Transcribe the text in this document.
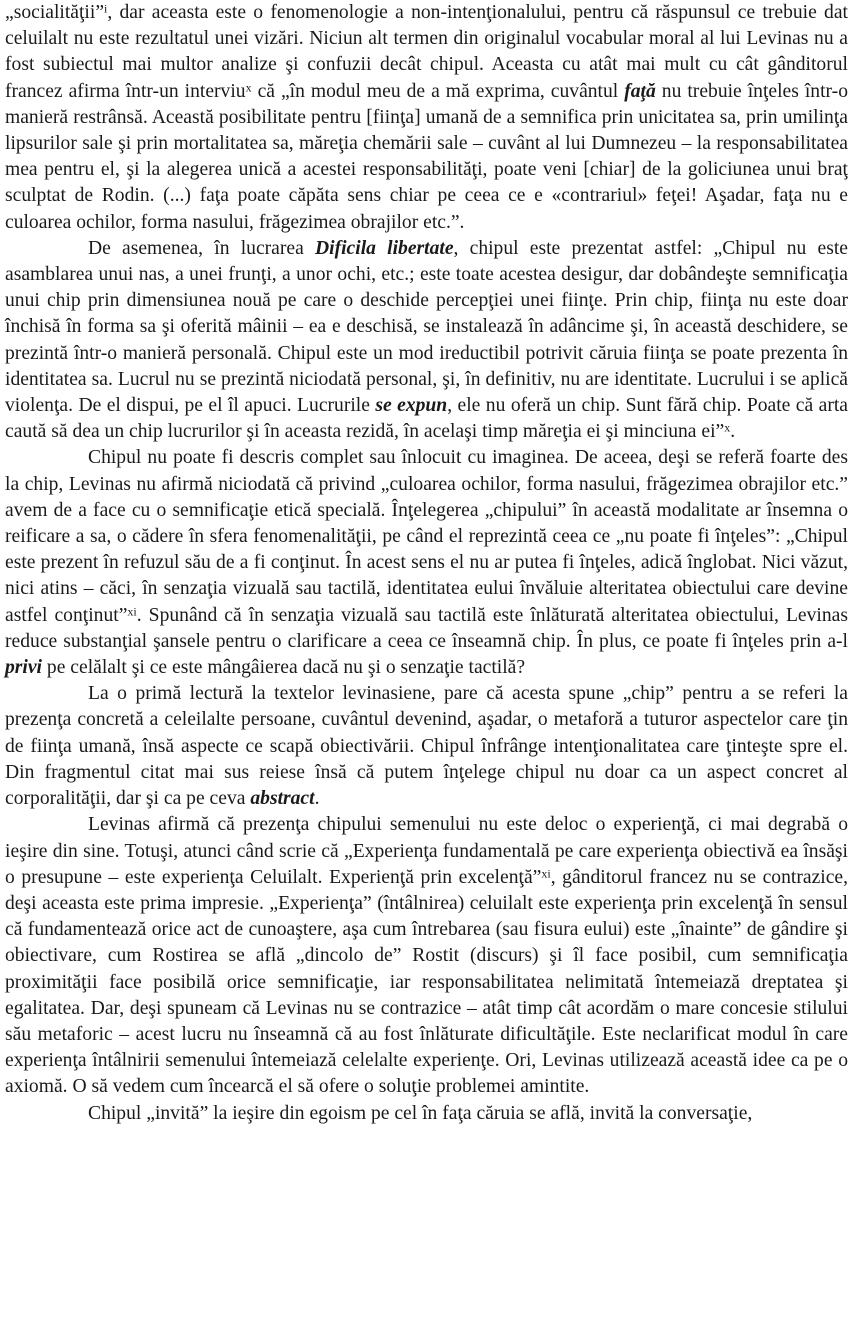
„socialităţii”$^i$, dar aceasta este o fenomenologie a non-intenţionalului, pentru că răspunsul ce trebuie dat celuilalt nu este rezultatul unei vizări. Niciun alt termen din originalul vocabular moral al lui Levinas nu a fost subiectul mai multor analize şi confuzii decât chipul. Aceasta cu atât mai mult cu cât gânditorul francez afirma într-un interviu$^x$ că „în modul meu de a mă exprima, cuvântul faţă nu trebuie înţeles într-o manieră restrânsă. Această posibilitate pentru [fiinţa] umană de a semnifica prin unicitatea sa, prin umilinţa lipsurilor sale şi prin mortalitatea sa, măreţia chemării sale – cuvânt al lui Dumnezeu – la responsabilitatea mea pentru el, şi la alegerea unică a acestei responsabilităţi, poate veni [chiar] de la goliciunea unui braţ sculptat de Rodin. (...) faţa poate căpăta sens chiar pe ceea ce e «contrariul» feţei! Aşadar, faţa nu e culoarea ochilor, forma nasului, frăgezimea obrajilor etc.”.

De asemenea, în lucrarea Dificila libertate, chipul este prezentat astfel: „Chipul nu este asamblarea unui nas, a unei frunţi, a unor ochi, etc.; este toate acestea desigur, dar dobândeşte semnificaţia unui chip prin dimensiunea nouă pe care o deschide percepţiei unei fiinţe. Prin chip, fiinţa nu este doar închisă în forma sa şi oferită mâinii – ea e deschisă, se instalează în adâncime şi, în această deschidere, se prezintă într-o manieră personală. Chipul este un mod ireductibil potrivit căruia fiinţa se poate prezenta în identitatea sa. Lucrul nu se prezintă niciodată personal, şi, în definitiv, nu are identitate. Lucrului i se aplică violenţa. De el dispui, pe el îl apuci. Lucrurile se expun, ele nu oferă un chip. Sunt fără chip. Poate că arta caută să dea un chip lucrurilor şi în aceasta rezidă, în acelaşi timp măreţia ei şi minciuna ei”$^x$.

Chipul nu poate fi descris complet sau înlocuit cu imaginea. De aceea, deşi se referă foarte des la chip, Levinas nu afirmă niciodată că privind „culoarea ochilor, forma nasului, frăgezimea obrajilor etc.” avem de a face cu o semnificaţie etică specială. Înţelegerea „chipului” în această modalitate ar însemna o reificare a sa, o cădere în sfera fenomenalităţii, pe când el reprezintă ceea ce „nu poate fi înţeles”: „Chipul este prezent în refuzul său de a fi conţinut. În acest sens el nu ar putea fi înţeles, adică înglobat. Nici văzut, nici atins – căci, în senzaţia vizuală sau tactilă, identitatea eului învăluie alteritatea obiectului care devine astfel conţinut”$^{xi}$. Spunând că în senzaţia vizuală sau tactilă este înlăturată alteritatea obiectului, Levinas reduce substanţial şansele pentru o clarificare a ceea ce înseamnă chip. În plus, ce poate fi înţeles prin a-l privi pe celălalt şi ce este mângâierea dacă nu şi o senzaţie tactilă?

La o primă lectură la textelor levinasiene, pare că acesta spune „chip” pentru a se referi la prezenţa concretă a celeilalte persoane, cuvântul devenind, aşadar, o metaforă a tuturor aspectelor care ţin de fiinţa umană, însă aspecte ce scapă obiectivării. Chipul înfrânge intenţionalitatea care ţinteşte spre el. Din fragmentul citat mai sus reiese însă că putem înţelege chipul nu doar ca un aspect concret al corporalităţii, dar şi ca pe ceva abstract.

Levinas afirmă că prezenţa chipului semenului nu este deloc o experienţă, ci mai degrabă o ieşire din sine. Totuşi, atunci când scrie că „Experienţa fundamentală pe care experienţa obiectivă ea însăşi o presupune – este experienţa Celuilalt. Experienţă prin excelenţă”$^{xi}$, gânditorul francez nu se contrazice, deşi aceasta este prima impresie. „Experienţa” (întâlnirea) celuilalt este experienţa prin excelenţă în sensul că fundamentează orice act de cunoaştere, aşa cum întrebarea (sau fisura eului) este „înainte” de gândire şi obiectivare, cum Rostirea se află „dincolo de” Rostit (discurs) şi îl face posibil, cum semnificaţia proximităţii face posibilă orice semnificaţie, iar responsabilitatea nelimitată întemeiază dreptatea şi egalitatea. Dar, deşi spuneam că Levinas nu se contrazice – atât timp cât acordăm o mare concesie stilului său metaforic – acest lucru nu înseamnă că au fost înlăturate dificultăţile. Este neclarificat modul în care experienţa întâlnirii semenului întemeiază celelalte experienţe. Ori, Levinas utilizează această idee ca pe o axiomă. O să vedem cum încearcă el să ofere o soluţie problemei amintite.

Chipul „invită” la ieşire din egoism pe cel în faţa căruia se află, invită la conversaţie,
